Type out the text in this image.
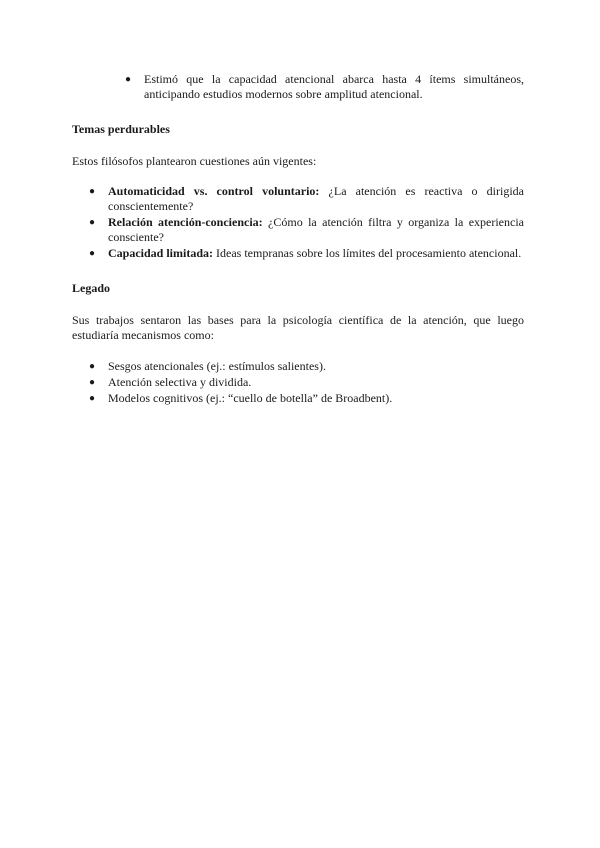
● Estimó que la capacidad atencional abarca hasta 4 ítems simultáneos, anticipando estudios modernos sobre amplitud atencional.
Temas perdurables
Estos filósofos plantearon cuestiones aún vigentes:
● Automaticidad vs. control voluntario: ¿La atención es reactiva o dirigida conscientemente?
● Relación atención-conciencia: ¿Cómo la atención filtra y organiza la experiencia consciente?
● Capacidad limitada: Ideas tempranas sobre los límites del procesamiento atencional.
Legado
Sus trabajos sentaron las bases para la psicología científica de la atención, que luego estudiaría mecanismos como:
● Sesgos atencionales (ej.: estímulos salientes).
● Atención selectiva y dividida.
● Modelos cognitivos (ej.: “cuello de botella” de Broadbent).
